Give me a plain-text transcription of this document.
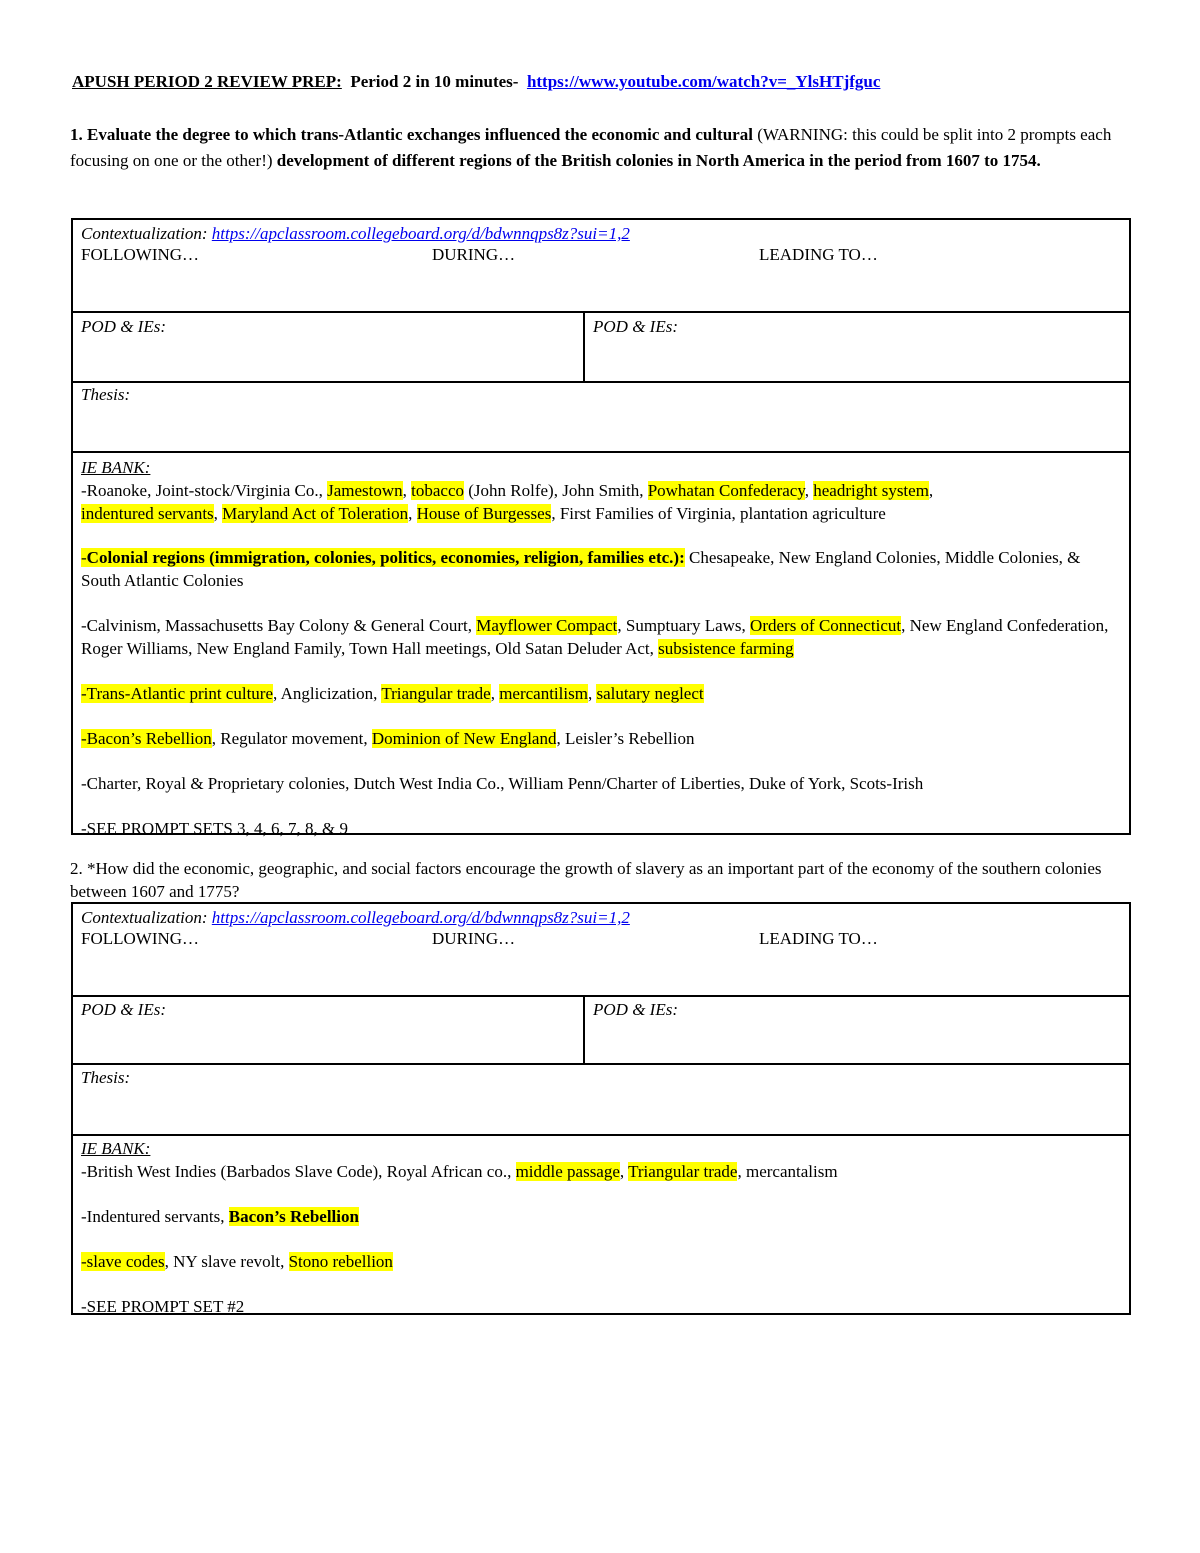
APUSH PERIOD 2 REVIEW PREP: Period 2 in 10 minutes- https://www.youtube.com/watch?v=_YlsHTjfguc
1. Evaluate the degree to which trans-Atlantic exchanges influenced the economic and cultural (WARNING: this could be split into 2 prompts each focusing on one or the other!) development of different regions of the British colonies in North America in the period from 1607 to 1754.
Contextualization: https://apclassroom.collegeboard.org/d/bdwnnqps8z?sui=1,2
FOLLOWING…	DURING…	LEADING TO…
POD & IEs:	POD & IEs:
Thesis:
IE BANK:

-Roanoke, Joint-stock/Virginia Co., Jamestown, tobacco (John Rolfe), John Smith, Powhatan Confederacy, headright system,
indentured servants, Maryland Act of Toleration, House of Burgesses, First Families of Virginia, plantation agriculture

-Colonial regions (immigration, colonies, politics, economies, religion, families etc.): Chesapeake, New England Colonies, Middle Colonies, & South Atlantic Colonies

-Calvinism, Massachusetts Bay Colony & General Court, Mayflower Compact, Sumptuary Laws, Orders of Connecticut, New England Confederation, Roger Williams, New England Family, Town Hall meetings, Old Satan Deluder Act, subsistence farming

-Trans-Atlantic print culture, Anglicization, Triangular trade, mercantilism, salutary neglect

-Bacon’s Rebellion, Regulator movement, Dominion of New England, Leisler’s Rebellion

-Charter, Royal & Proprietary colonies, Dutch West India Co., William Penn/Charter of Liberties, Duke of York, Scots-Irish

-SEE PROMPT SETS 3, 4, 6, 7, 8, & 9

2. *How did the economic, geographic, and social factors encourage the growth of slavery as an important part of the economy of the southern colonies between 1607 and 1775?
Contextualization: https://apclassroom.collegeboard.org/d/bdwnnqps8z?sui=1,2
FOLLOWING…	DURING…	LEADING TO…
POD & IEs:	POD & IEs:
Thesis:
IE BANK:

-British West Indies (Barbados Slave Code), Royal African co., middle passage, Triangular trade, mercantalism

-Indentured servants, Bacon’s Rebellion

-slave codes, NY slave revolt, Stono rebellion

-SEE PROMPT SET #2
